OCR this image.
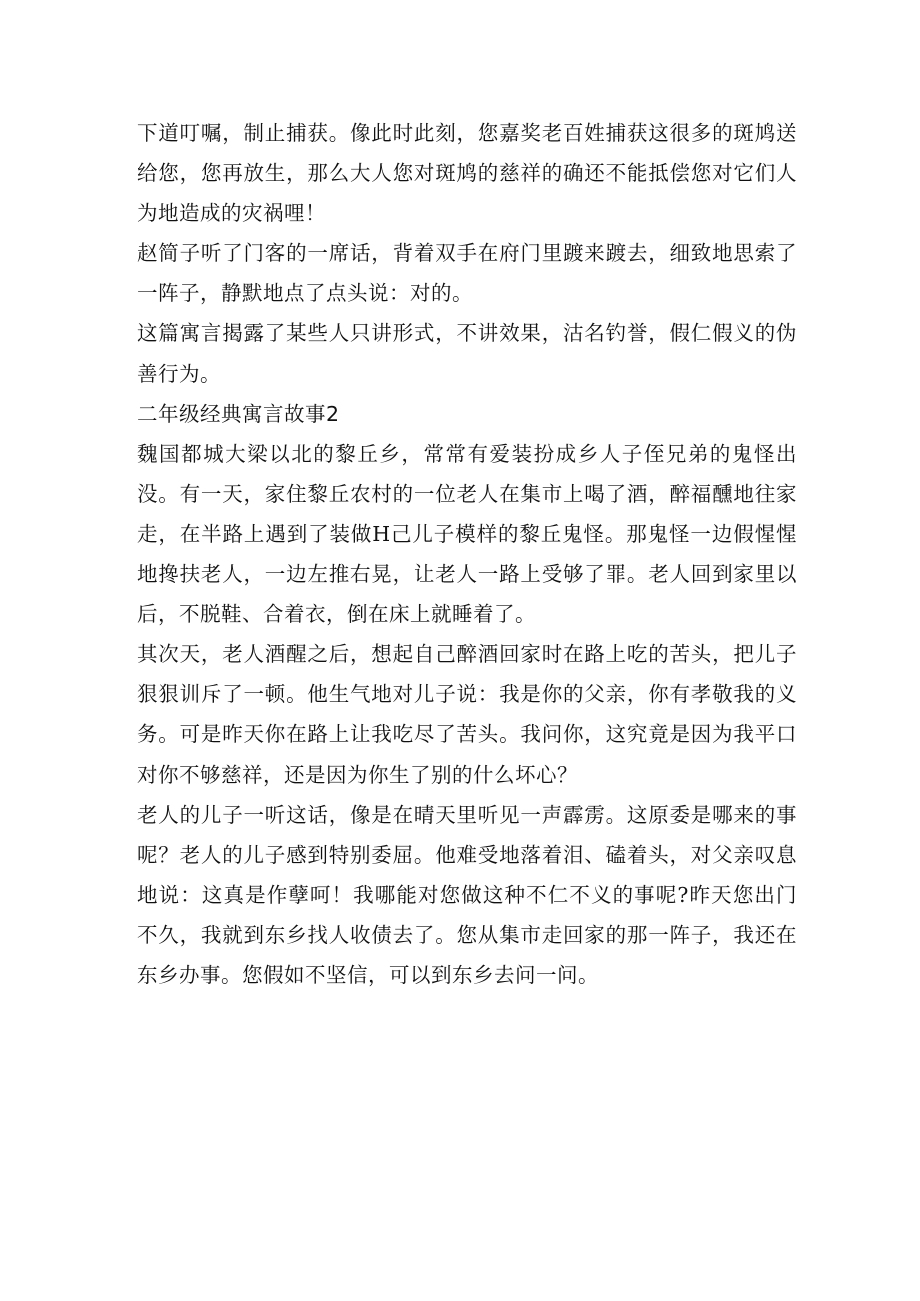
下道叮嘱，制止捕获。像此时此刻，您嘉奖老百姓捕获这很多的斑鸠送给您，您再放生，那么大人您对斑鸠的慈祥的确还不能抵偿您对它们人为地造成的灾祸哩！

赵简子听了门客的一席话，背着双手在府门里踱来踱去，细致地思索了一阵子，静默地点了点头说：对的。

这篇寓言揭露了某些人只讲形式，不讲效果，沽名钓誉，假仁假义的伪善行为。

二年级经典寓言故事2

魏国都城大梁以北的黎丘乡，常常有爱装扮成乡人子侄兄弟的鬼怪出没。有一天，家住黎丘农村的一位老人在集市上喝了酒，醉福醺地往家走，在半路上遇到了装做H己儿子模样的黎丘鬼怪。那鬼怪一边假惺惺地搀扶老人，一边左推右晃，让老人一路上受够了罪。老人回到家里以后，不脱鞋、合着衣，倒在床上就睡着了。

其次天，老人酒醒之后，想起自己醉酒回家时在路上吃的苦头，把儿子狠狠训斥了一顿。他生气地对儿子说：我是你的父亲，你有孝敬我的义务。可是昨天你在路上让我吃尽了苦头。我问你，这究竟是因为我平口对你不够慈祥，还是因为你生了别的什么坏心？

老人的儿子一听这话，像是在晴天里听见一声霹雳。这原委是哪来的事呢？老人的儿子感到特别委屈。他难受地落着泪、磕着头，对父亲叹息地说：这真是作孽呵！我哪能对您做这种不仁不义的事呢?昨天您出门不久，我就到东乡找人收债去了。您从集市走回家的那一阵子，我还在东乡办事。您假如不坚信，可以到东乡去问一问。
